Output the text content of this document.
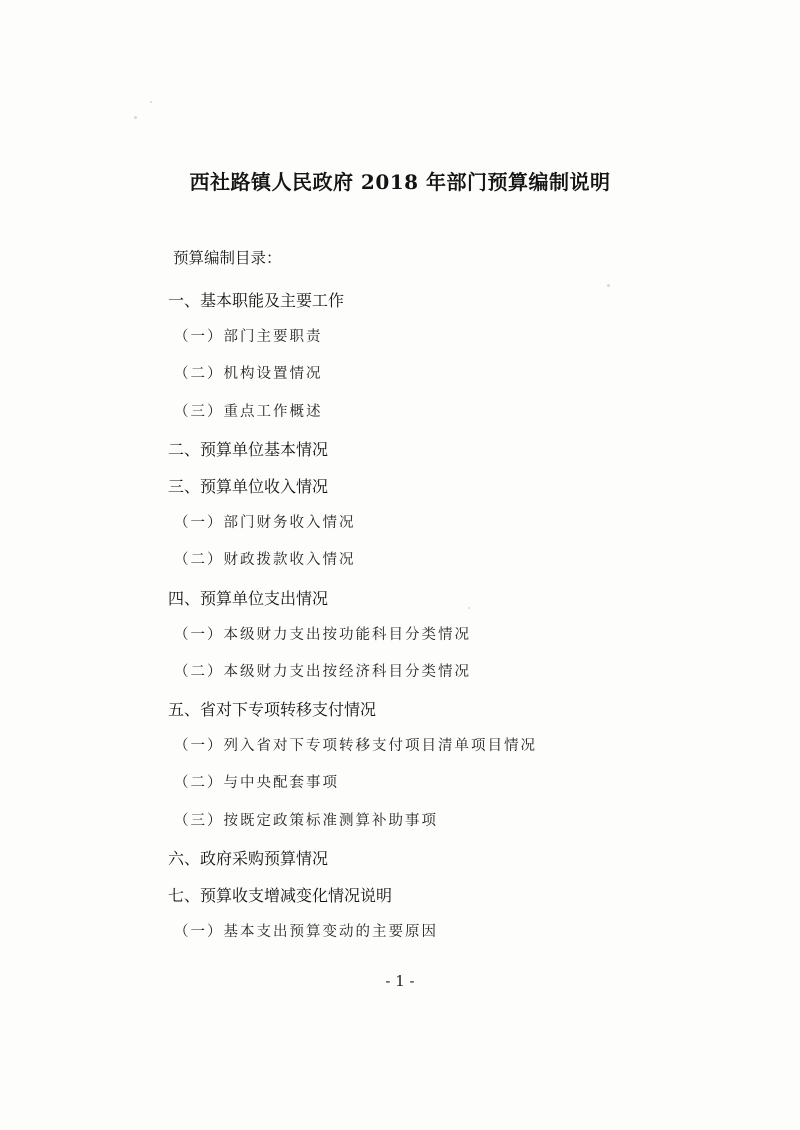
西社路镇人民政府 2018 年部门预算编制说明
预算编制目录：
一、基本职能及主要工作
（一）部门主要职责
（二）机构设置情况
（三）重点工作概述
二、预算单位基本情况
三、预算单位收入情况
（一）部门财务收入情况
（二）财政拨款收入情况
四、预算单位支出情况
（一）本级财力支出按功能科目分类情况
（二）本级财力支出按经济科目分类情况
五、省对下专项转移支付情况
（一）列入省对下专项转移支付项目清单项目情况
（二）与中央配套事项
（三）按既定政策标准测算补助事项
六、政府采购预算情况
七、预算收支增减变化情况说明
（一）基本支出预算变动的主要原因
- 1 -
